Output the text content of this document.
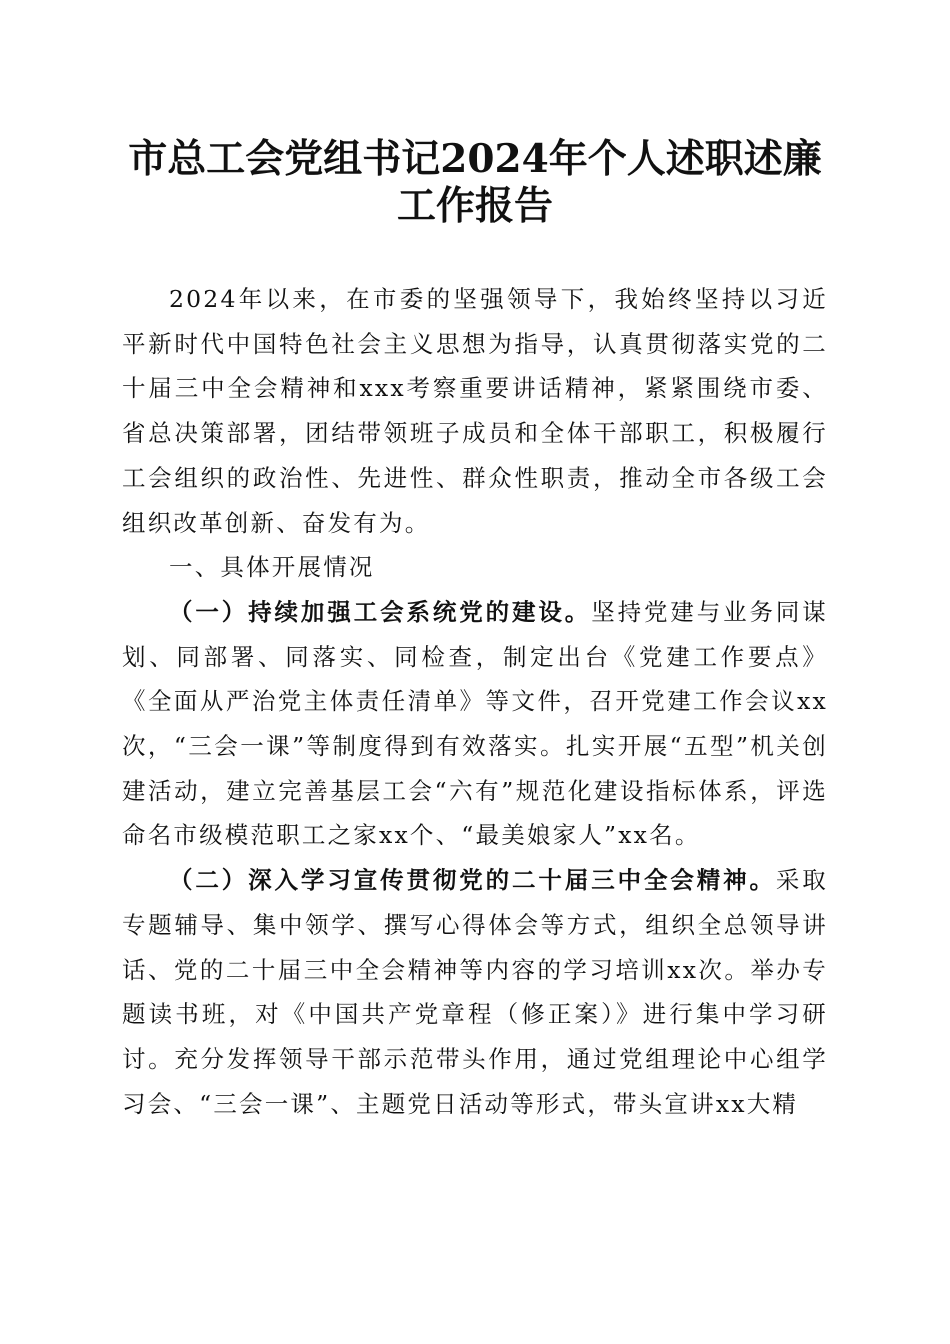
市总工会党组书记2024年个人述职述廉工作报告

2024年以来，在市委的坚强领导下，我始终坚持以习近平新时代中国特色社会主义思想为指导，认真贯彻落实党的二十届三中全会精神和xxx考察重要讲话精神，紧紧围绕市委、省总决策部署，团结带领班子成员和全体干部职工，积极履行工会组织的政治性、先进性、群众性职责，推动全市各级工会组织改革创新、奋发有为。

一、具体开展情况

（一）持续加强工会系统党的建设。坚持党建与业务同谋划、同部署、同落实、同检查，制定出台《党建工作要点》《全面从严治党主体责任清单》等文件，召开党建工作会议xx次，“三会一课”等制度得到有效落实。扎实开展“五型”机关创建活动，建立完善基层工会“六有”规范化建设指标体系，评选命名市级模范职工之家xx个、“最美娘家人”xx名。

（二）深入学习宣传贯彻党的二十届三中全会精神。采取专题辅导、集中领学、撰写心得体会等方式，组织全总领导讲话、党的二十届三中全会精神等内容的学习培训xx次。举办专题读书班，对《中国共产党章程（修正案）》进行集中学习研讨。充分发挥领导干部示范带头作用，通过党组理论中心组学习会、“三会一课”、主题党日活动等形式，带头宣讲xx大精
